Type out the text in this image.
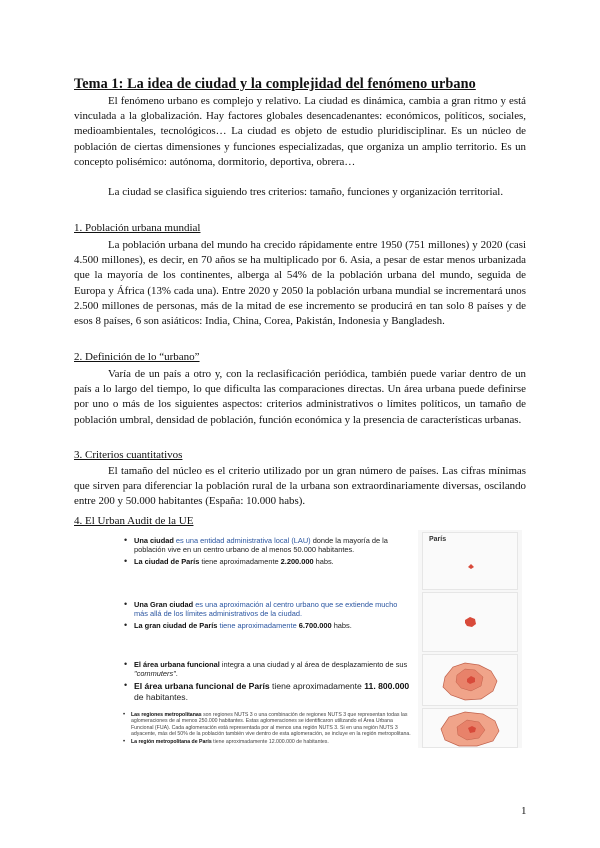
Tema 1: La idea de ciudad y la complejidad del fenómeno urbano

El fenómeno urbano es complejo y relativo. La ciudad es dinámica, cambia a gran ritmo y está vinculada a la globalización. Hay factores globales desencadenantes: económicos, políticos, sociales, medioambientales, tecnológicos… La ciudad es objeto de estudio pluridisciplinar. Es un núcleo de población de ciertas dimensiones y funciones especializadas, que organiza un amplio territorio. Es un concepto polisémico: autónoma, dormitorio, deportiva, obrera…

La ciudad se clasifica siguiendo tres criterios: tamaño, funciones y organización territorial.

1. Población urbana mundial

La población urbana del mundo ha crecido rápidamente entre 1950 (751 millones) y 2020 (casi 4.500 millones), es decir, en 70 años se ha multiplicado por 6. Asia, a pesar de estar menos urbanizada que la mayoría de los continentes, alberga al 54% de la población urbana del mundo, seguida de Europa y África (13% cada una). Entre 2020 y 2050 la población urbana mundial se incrementará unos 2.500 millones de personas, más de la mitad de ese incremento se producirá en tan solo 8 países y de esos 8 países, 6 son asiáticos: India, China, Corea, Pakistán, Indonesia y Bangladesh.

2. Definición de lo “urbano”

Varía de un país a otro y, con la reclasificación periódica, también puede variar dentro de un país a lo largo del tiempo, lo que dificulta las comparaciones directas. Un área urbana puede definirse por uno o más de los siguientes aspectos: criterios administrativos o límites políticos, un tamaño de población umbral, densidad de población, función económica y la presencia de características urbanas.

3. Criterios cuantitativos

El tamaño del núcleo es el criterio utilizado por un gran número de países. Las cifras mínimas que sirven para diferenciar la población rural de la urbana son extraordinariamente diversas, oscilando entre 200 y 50.000 habitantes (España: 10.000 habs).

4. El Urban Audit de la UE

• Una ciudad es una entidad administrativa local (LAU) donde la mayoría de la población vive en un centro urbano de al menos 50.000 habitantes.

• La ciudad de París tiene aproximadamente 2.200.000 habs.

• Una Gran ciudad es una aproximación al centro urbano que se extiende mucho más allá de los límites administrativos de la ciudad.

• La gran ciudad de París tiene aproximadamente 6.700.000 habs.

• El área urbana funcional integra a una ciudad y al área de desplazamiento de sus "commuters".

• El área urbana funcional de París tiene aproximadamente 11. 800.000 de habitantes.

• Las regiones metropolitanas son regiones NUTS 3 o una combinación de regiones NUTS 3 que representan todas las aglomeraciones de al menos 250.000 habitantes. Estas aglomeraciones se identificaron utilizando el Área Urbana Funcional (FUA). Cada aglomeración está representada por al menos una región NUTS 3. Si en una región NUTS 3 adyacente, más del 50% de la población también vive dentro de esta aglomeración, se incluye en la región metropolitana.

• La región metropolitana de París tiene aproximadamente 12.000.000 de habitantes.

París
1
